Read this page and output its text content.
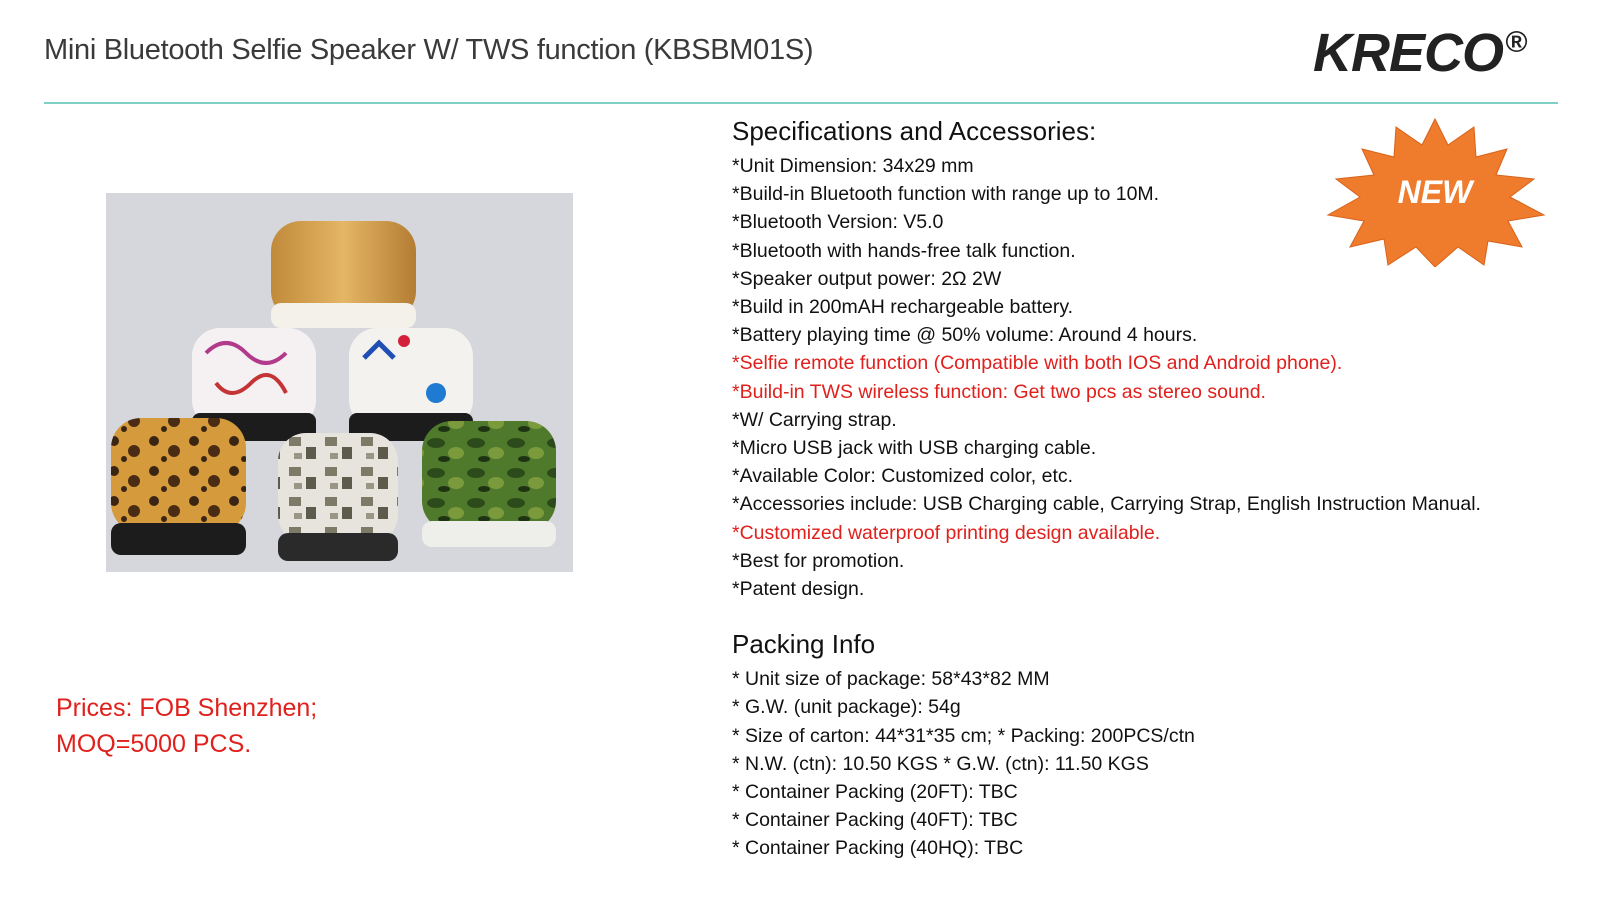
Mini Bluetooth Selfie Speaker W/ TWS function (KBSBM01S)	KRECO®
Prices: FOB Shenzhen;
MOQ=5000 PCS.
Specifications and Accessories:
*Unit Dimension: 34x29 mm
*Build-in Bluetooth function with range up to 10M.
*Bluetooth Version: V5.0
*Bluetooth with hands-free talk function.
*Speaker output power: 2Ω 2W
*Build in 200mAH rechargeable battery.
*Battery playing time @ 50% volume: Around 4 hours.
*Selfie remote function (Compatible with both IOS and Android phone).
*Build-in TWS wireless function: Get two pcs as stereo sound.
*W/ Carrying strap.
*Micro USB jack with USB charging cable.
*Available Color: Customized color, etc.
*Accessories include: USB Charging cable, Carrying Strap, English Instruction Manual.
*Customized waterproof printing design available.
*Best for promotion.
*Patent design.
Packing Info
* Unit size of package: 58*43*82 MM
* G.W. (unit package): 54g
* Size of carton: 44*31*35 cm; * Packing: 200PCS/ctn
* N.W. (ctn): 10.50 KGS * G.W. (ctn): 11.50 KGS
* Container Packing (20FT): TBC
* Container Packing (40FT): TBC
* Container Packing (40HQ): TBC
NEW
